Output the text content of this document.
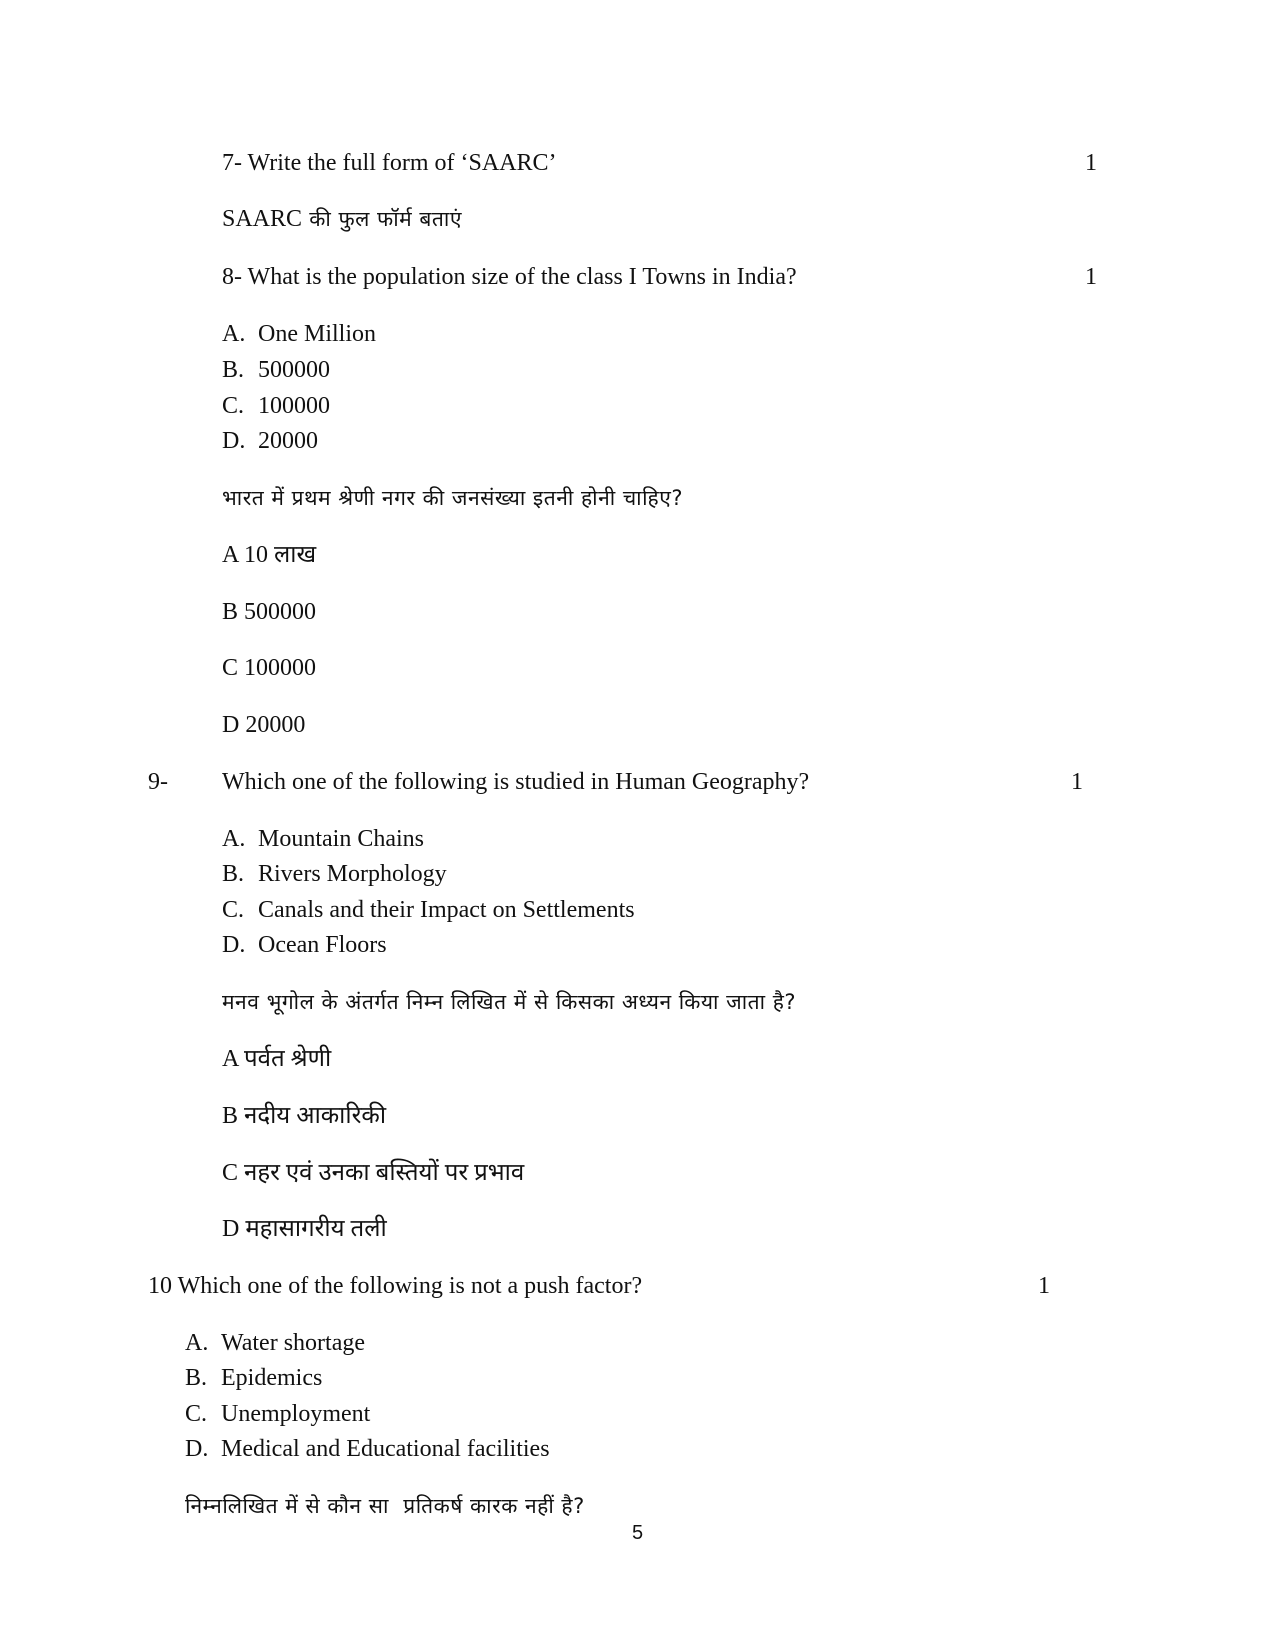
7- Write the full form of ‘SAARC’	1
SAARC की फुल फॉर्म बताएं
8- What is the population size of the class I Towns in India?	1
A. One Million
B. 500000
C. 100000
D. 20000
भारत में प्रथम श्रेणी नगर की जनसंख्या इतनी होनी चाहिए?
A 10 लाख
B 500000
C 100000
D 20000
9- Which one of the following is studied in Human Geography?	1
A. Mountain Chains
B. Rivers Morphology
C. Canals and their Impact on Settlements
D. Ocean Floors
मनव भूगोल के अंतर्गत निम्न लिखित में से किसका अध्यन किया जाता है?
A पर्वत श्रेणी
B नदीय आकारिकी
C नहर एवं उनका बस्तियों पर प्रभाव
D महासागरीय तली
10 Which one of the following is not a push factor?	1
A. Water shortage
B. Epidemics
C. Unemployment
D. Medical and Educational facilities
निम्नलिखित में से कौन सा  प्रतिकर्ष कारक नहीं है?
5
